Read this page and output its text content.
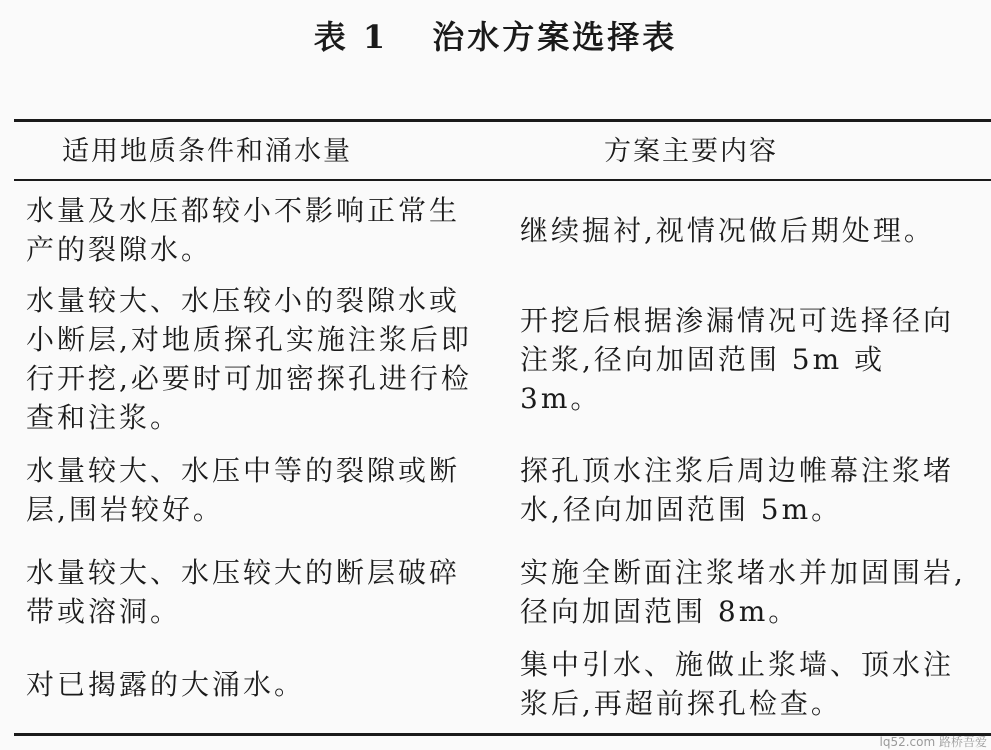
表 1 治水方案选择表
适用地质条件和涌水量	方案主要内容
水量及水压都较小不影响正常生产的裂隙水。
继续掘衬,视情况做后期处理。
水量较大、水压较小的裂隙水或小断层,对地质探孔实施注浆后即行开挖,必要时可加密探孔进行检查和注浆。
开挖后根据渗漏情况可选择径向注浆,径向加固范围 5m 或 3m。
水量较大、水压中等的裂隙或断层,围岩较好。
探孔顶水注浆后周边帷幕注浆堵水,径向加固范围 5m。
水量较大、水压较大的断层破碎带或溶洞。
实施全断面注浆堵水并加固围岩,径向加固范围 8m。
对已揭露的大涌水。
集中引水、施做止浆墙、顶水注浆后,再超前探孔检查。
lq52.com 路桥吾爱
